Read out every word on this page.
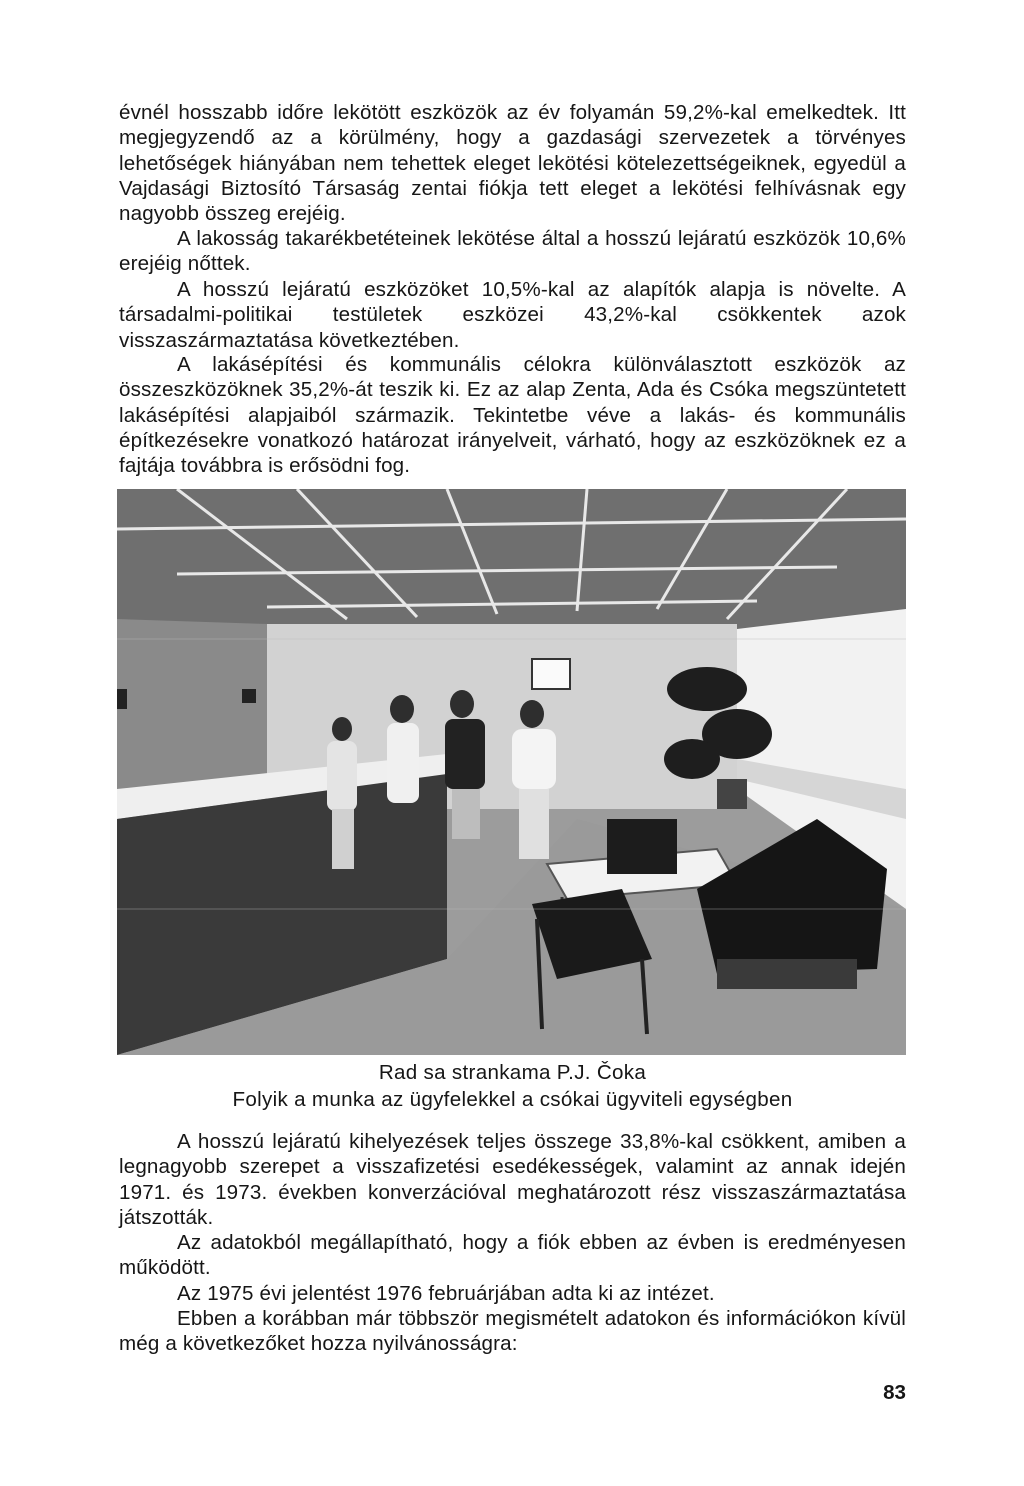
évnél hosszabb időre lekötött eszközök az év folyamán 59,2%-kal emelkedtek. Itt megjegyzendő az a körülmény, hogy a gazdasági szervezetek a törvényes lehetőségek hiányában nem tehettek eleget lekötési kötelezettségeiknek, egyedül a Vajdasági Biztosító Társaság zentai fiókja tett eleget a lekötési felhívásnak egy nagyobb összeg erejéig.

A lakosság takarékbetéteinek lekötése által a hosszú lejáratú eszközök 10,6% erejéig nőttek.

A hosszú lejáratú eszközöket 10,5%-kal az alapítók alapja is növelte. A társadalmi-politikai testületek eszközei 43,2%-kal csökkentek azok visszaszármaztatása következtében.

A lakásépítési és kommunális célokra különválasztott eszközök az összeszközöknek 35,2%-át teszik ki. Ez az alap Zenta, Ada és Csóka megszüntetett lakásépítési alapjaiból származik. Tekintetbe véve a lakás- és kommunális építkezésekre vonatkozó határozat irányelveit, várható, hogy az eszközöknek ez a fajtája továbbra is erősödni fog.

Rad sa strankama P.J. Čoka

Folyik a munka az ügyfelekkel a csókai ügyviteli egységben

A hosszú lejáratú kihelyezések teljes összege 33,8%-kal csökkent, amiben a legnagyobb szerepet a visszafizetési esedékességek, valamint az annak idején 1971. és 1973. években konverzációval meghatározott rész visszaszármaztatása játszották.

Az adatokból megállapítható, hogy a fiók ebben az évben is eredményesen működött.

Az 1975 évi jelentést 1976 februárjában adta ki az intézet.

Ebben a korábban már többször megismételt adatokon és információkon kívül még a következőket hozza nyilvánosságra:

83
